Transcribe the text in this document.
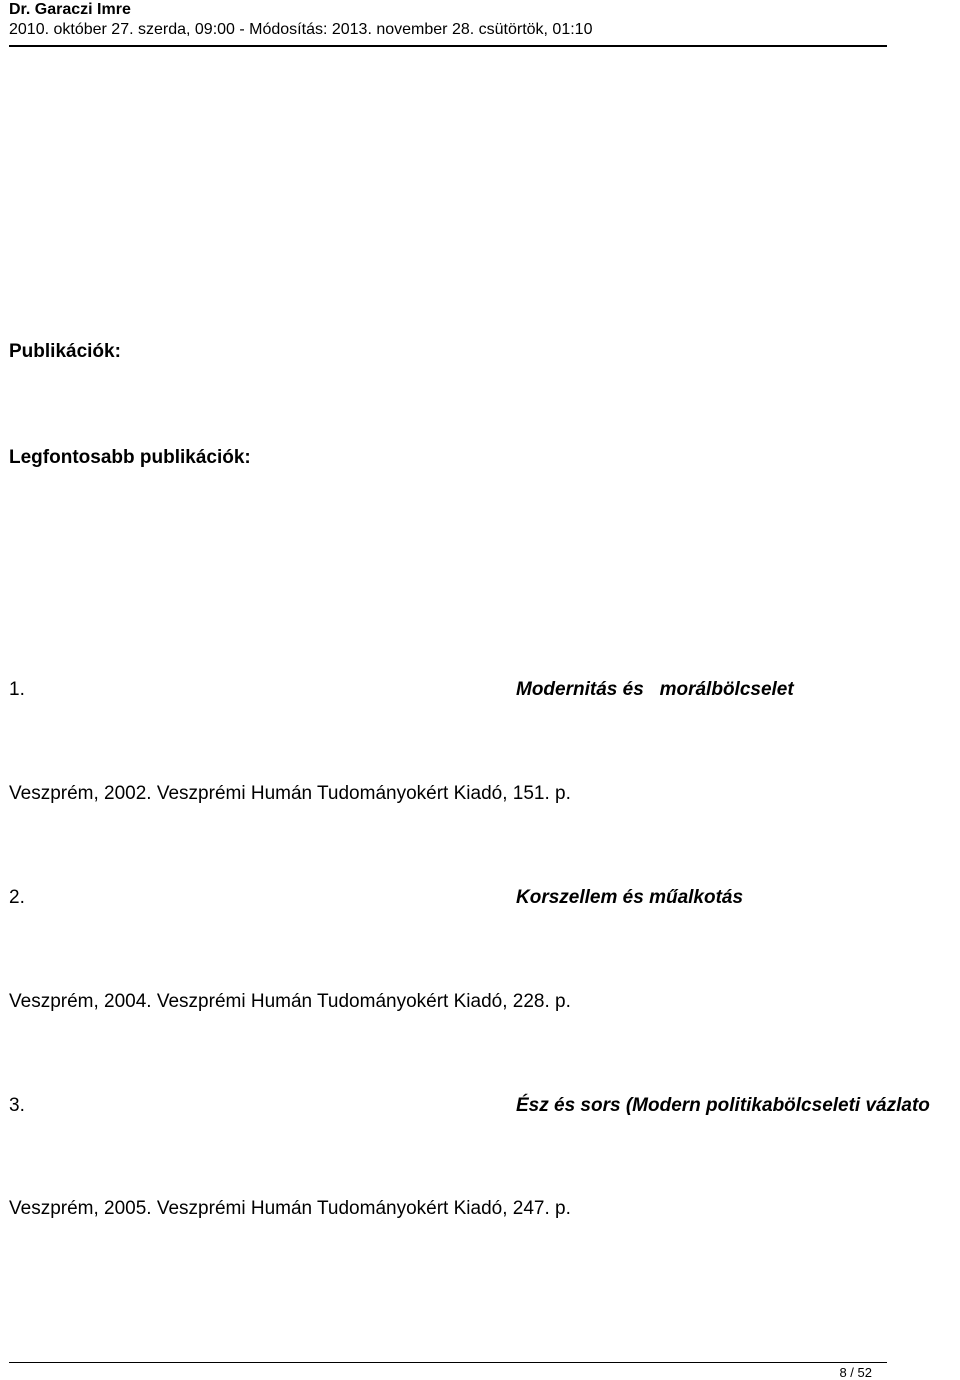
Dr. Garaczi Imre
2010. október 27. szerda, 09:00 - Módosítás: 2013. november 28. csütörtök, 01:10
Publikációk:
Legfontosabb publikációk:
1.	Modernitás és   morálbölcselet
Veszprém, 2002. Veszprémi Humán Tudományokért Kiadó, 151. p.
2.	Korszellem és műalkotás
Veszprém, 2004. Veszprémi Humán Tudományokért Kiadó, 228. p.
3.	Ész és sors (Modern politikabölcseleti vázlato
Veszprém, 2005. Veszprémi Humán Tudományokért Kiadó, 247. p.
8 / 52
